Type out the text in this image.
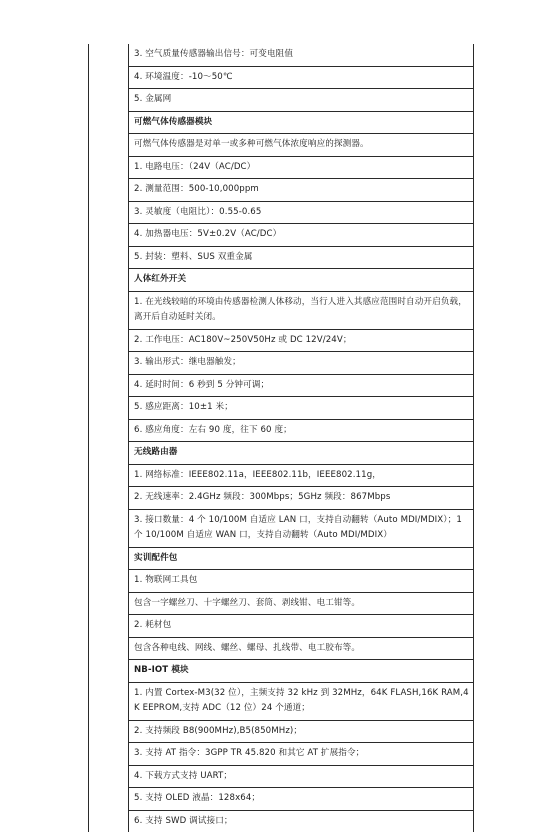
	3. 空气质量传感器输出信号：可变电阻值
	4. 环境温度：-10～50℃
	5. 金属网
	可燃气体传感器模块
	可燃气体传感器是对单一或多种可燃气体浓度响应的探测器。
	1. 电路电压：（24V（AC/DC）
	2. 测量范围：500-10,000ppm
	3. 灵敏度（电阻比）：0.55-0.65
	4. 加热器电压：5V±0.2V（AC/DC）
	5. 封装：塑料、SUS 双重金属
	人体红外开关
	1. 在光线较暗的环境由传感器检测人体移动，当行人进入其感应范围时自动开启负载，离开后自动延时关闭。
	2. 工作电压：AC180V~250V50Hz 或 DC 12V/24V；
	3. 输出形式：继电器触发；
	4. 延时时间：6 秒到 5 分钟可调；
	5. 感应距离：10±1 米；
	6. 感应角度：左右 90 度，往下 60 度；
	无线路由器
	1. 网络标准：IEEE802.11a，IEEE802.11b，IEEE802.11g，
	2. 无线速率：2.4GHz 频段：300Mbps；5GHz 频段：867Mbps
	3. 接口数量：4 个 10/100M 自适应 LAN 口，支持自动翻转（Auto MDI/MDIX）；1 个 10/100M 自适应 WAN 口，支持自动翻转（Auto MDI/MDIX）
	实训配件包
	1. 物联网工具包
	包含一字螺丝刀、十字螺丝刀、套筒、剥线钳、电工钳等。
	2. 耗材包
	包含各种电线、网线、螺丝、螺母、扎线带、电工胶布等。
	NB-IOT 模块
	1. 内置 Cortex-M3(32 位），主频支持 32 kHz 到 32MHz，64K FLASH,16K RAM,4K EEPROM,支持 ADC（12 位）24 个通道；
	2. 支持频段 B8(900MHz),B5(850MHz)；
	3. 支持 AT 指令：3GPP TR 45.820 和其它 AT 扩展指令；
	4. 下载方式支持 UART；
	5. 支持 OLED 液晶：128x64；
	6. 支持 SWD 调试接口；
